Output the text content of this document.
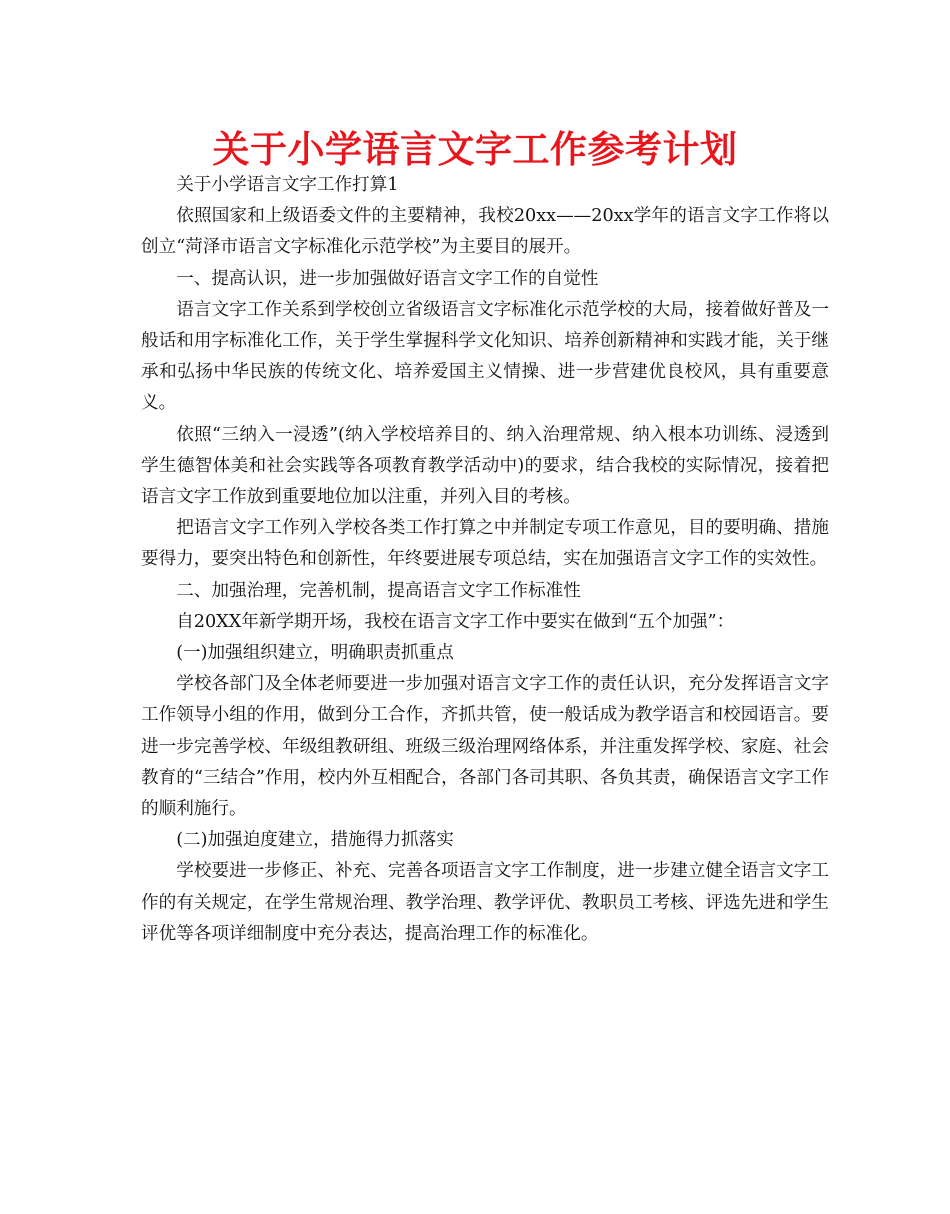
关于小学语言文字工作参考计划

关于小学语言文字工作打算1

依照国家和上级语委文件的主要精神，我校20xx——20xx学年的语言文字工作将以创立“菏泽市语言文字标准化示范学校”为主要目的展开。

一、提高认识，进一步加强做好语言文字工作的自觉性

语言文字工作关系到学校创立省级语言文字标准化示范学校的大局，接着做好普及一般话和用字标准化工作，关于学生掌握科学文化知识、培养创新精神和实践才能，关于继承和弘扬中华民族的传统文化、培养爱国主义情操、进一步营建优良校风，具有重要意义。

依照“三纳入一浸透”(纳入学校培养目的、纳入治理常规、纳入根本功训练、浸透到学生德智体美和社会实践等各项教育教学活动中)的要求，结合我校的实际情况，接着把语言文字工作放到重要地位加以注重，并列入目的考核。

把语言文字工作列入学校各类工作打算之中并制定专项工作意见，目的要明确、措施要得力，要突出特色和创新性，年终要进展专项总结，实在加强语言文字工作的实效性。

二、加强治理，完善机制，提高语言文字工作标准性

自20XX年新学期开场，我校在语言文字工作中要实在做到“五个加强”：

(一)加强组织建立，明确职责抓重点

学校各部门及全体老师要进一步加强对语言文字工作的责任认识，充分发挥语言文字工作领导小组的作用，做到分工合作，齐抓共管，使一般话成为教学语言和校园语言。要进一步完善学校、年级组教研组、班级三级治理网络体系，并注重发挥学校、家庭、社会教育的“三结合”作用，校内外互相配合，各部门各司其职、各负其责，确保语言文字工作的顺利施行。

(二)加强迫度建立，措施得力抓落实

学校要进一步修正、补充、完善各项语言文字工作制度，进一步建立健全语言文字工作的有关规定，在学生常规治理、教学治理、教学评优、教职员工考核、评选先进和学生评优等各项详细制度中充分表达，提高治理工作的标准化。
